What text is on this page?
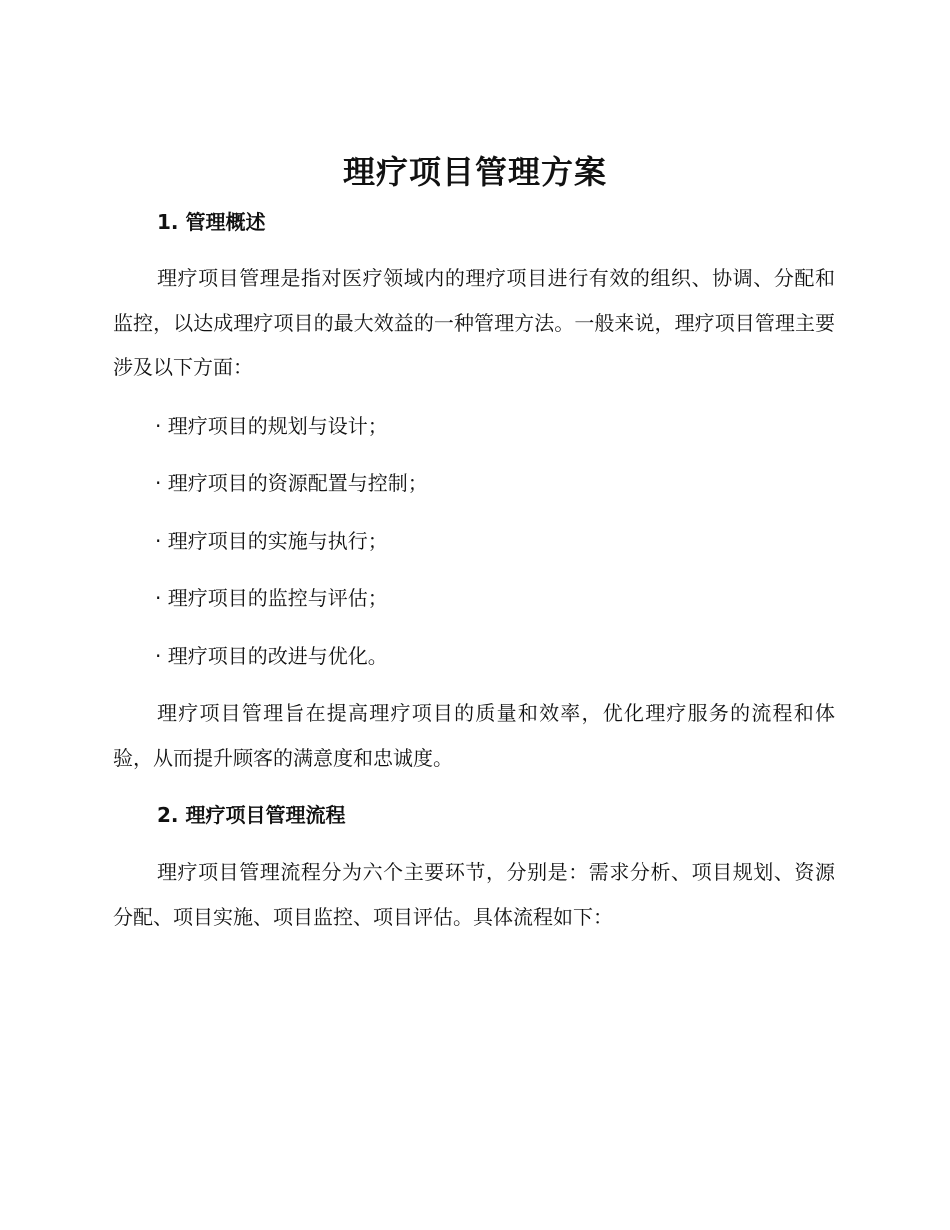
理疗项目管理方案
1. 管理概述

理疗项目管理是指对医疗领域内的理疗项目进行有效的组织、协调、分配和监控，以达成理疗项目的最大效益的一种管理方法。一般来说，理疗项目管理主要涉及以下方面：

· 理疗项目的规划与设计；
· 理疗项目的资源配置与控制；
· 理疗项目的实施与执行；
· 理疗项目的监控与评估；
· 理疗项目的改进与优化。

理疗项目管理旨在提高理疗项目的质量和效率，优化理疗服务的流程和体验，从而提升顾客的满意度和忠诚度。

2. 理疗项目管理流程

理疗项目管理流程分为六个主要环节，分别是：需求分析、项目规划、资源分配、项目实施、项目监控、项目评估。具体流程如下：
